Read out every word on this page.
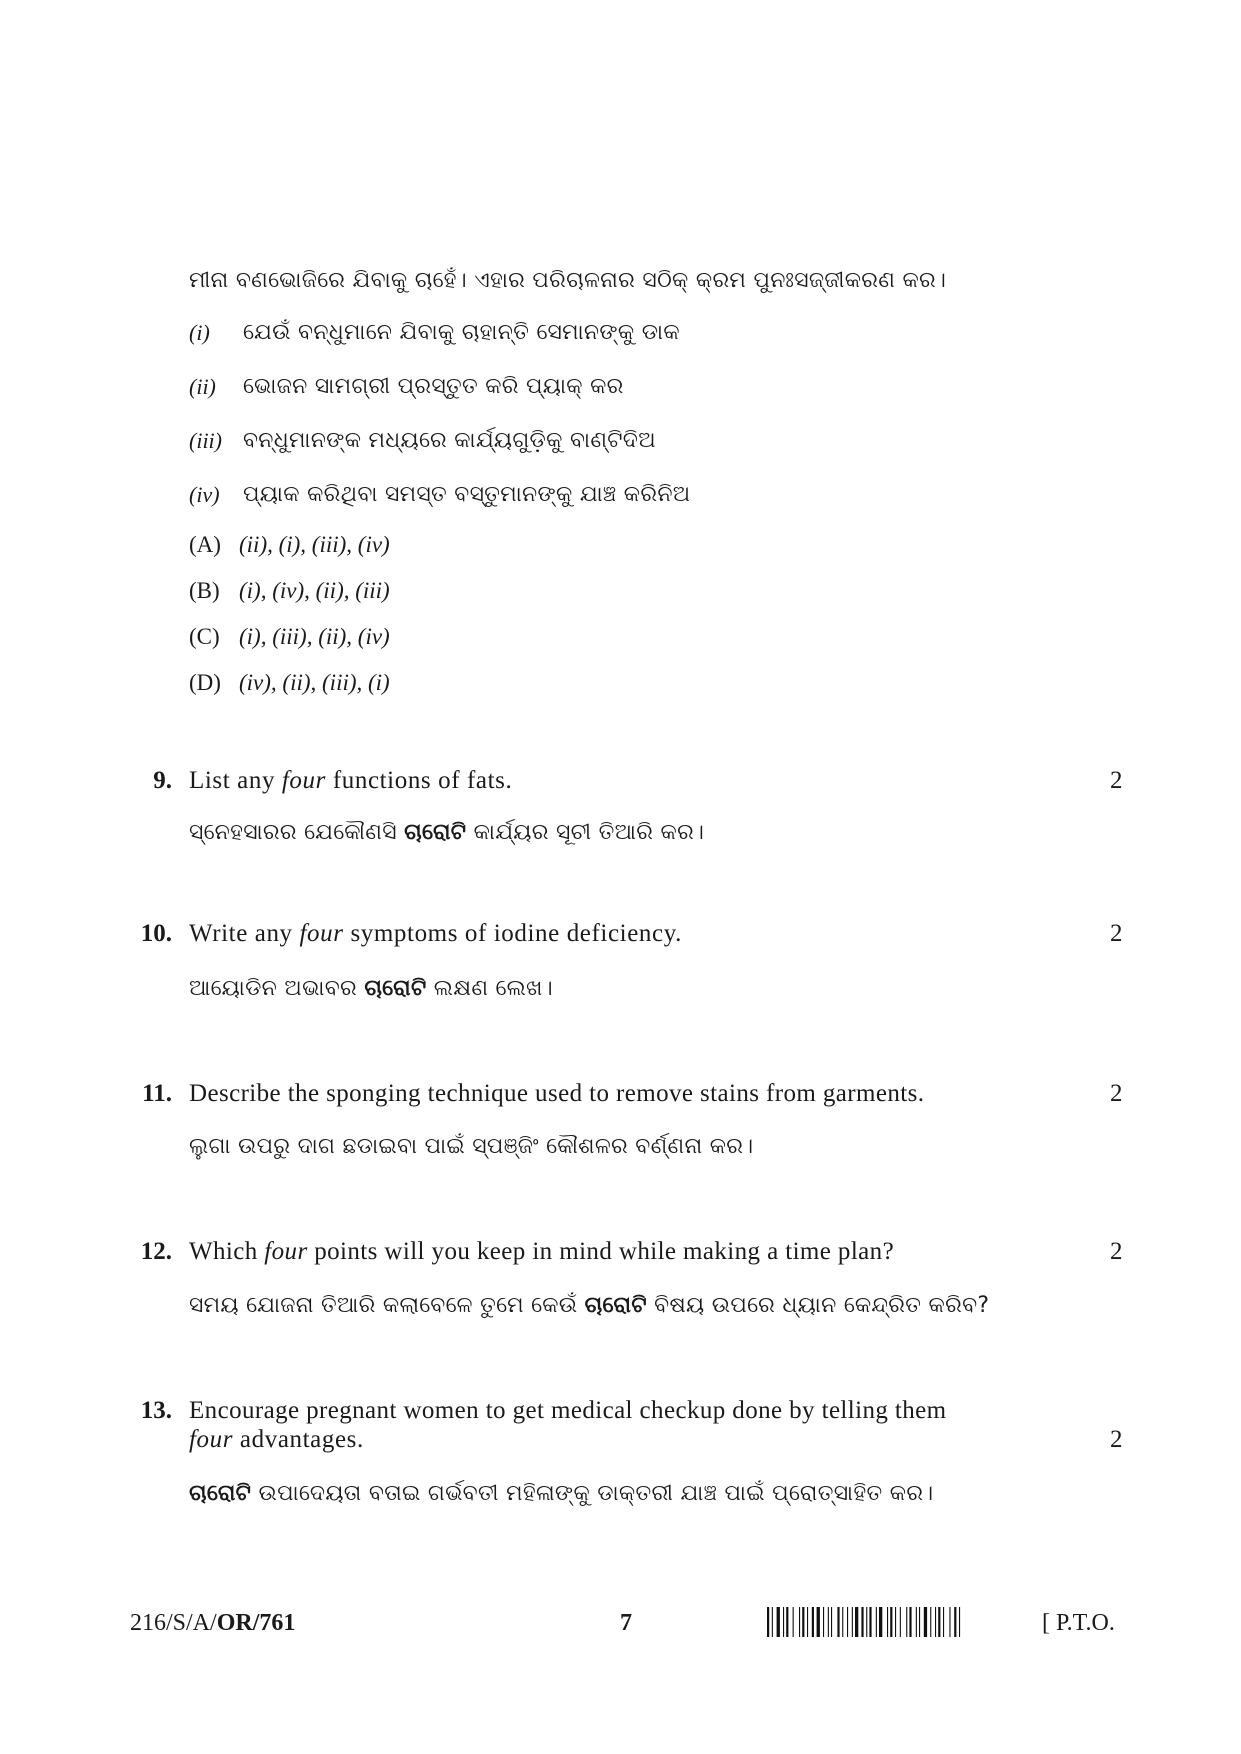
ମୀନା ବଣଭୋଜିରେ ଯିବାକୁ ଚାହେଁ। ଏହାର ପରିଚାଳନାର ସଠିକ୍ କ୍ରମ ପୁନଃସଜ୍ଜୀକରଣ କର।
(i) ଯେଉଁ ବନ୍ଧୁମାନେ ଯିବାକୁ ଚାହାନ୍ତି ସେମାନଙ୍କୁ ଡାକ
(ii) ଭୋଜନ ସାମଗ୍ରୀ ପ୍ରସ୍ତୁତ କରି ପ୍ୟାକ୍ କର
(iii) ବନ୍ଧୁମାନଙ୍କ ମଧ୍ୟରେ କାର୍ଯ୍ୟଗୁଡ଼ିକୁ ବାଣ୍ଟିଦିଅ
(iv) ପ୍ୟାକ କରିଥିବା ସମସ୍ତ ବସ୍ତୁମାନଙ୍କୁ ଯାଞ୍ଚ କରିନିଅ
(A) (ii), (i), (iii), (iv)
(B) (i), (iv), (ii), (iii)
(C) (i), (iii), (ii), (iv)
(D) (iv), (ii), (iii), (i)
9. List any four functions of fats.	2
ସ୍ନେହସାରର ଯେକୌଣସି ଚାରୋଟି କାର୍ଯ୍ୟର ସୂଚୀ ତିଆରି କର।
10. Write any four symptoms of iodine deficiency.	2
ଆୟୋଡିନ ଅଭାବର ଚାରୋଟି ଲକ୍ଷଣ ଲେଖ।
11. Describe the sponging technique used to remove stains from garments.	2
ଲୁଗା ଉପରୁ ଦାଗ ଛଡାଇବା ପାଇଁ ସ୍ପଞ୍ଜିଂ କୌଶଳର ବର୍ଣ୍ଣନା କର।
12. Which four points will you keep in mind while making a time plan?	2
ସମୟ ଯୋଜନା ତିଆରି କଲାବେଳେ ତୁମେ କେଉଁ ଚାରୋଟି ବିଷୟ ଉପରେ ଧ୍ୟାନ କେନ୍ଦ୍ରିତ କରିବ?
13. Encourage pregnant women to get medical checkup done by telling them
four advantages.	2
ଚାରୋଟି ଉପାଦେୟତା ବତାଇ ଗର୍ଭବତୀ ମହିଳାଙ୍କୁ ଡାକ୍ତରୀ ଯାଞ୍ଚ ପାଇଁ ପ୍ରୋତ୍ସାହିତ କର।
216/S/A/OR/761	7	[ P.T.O.
